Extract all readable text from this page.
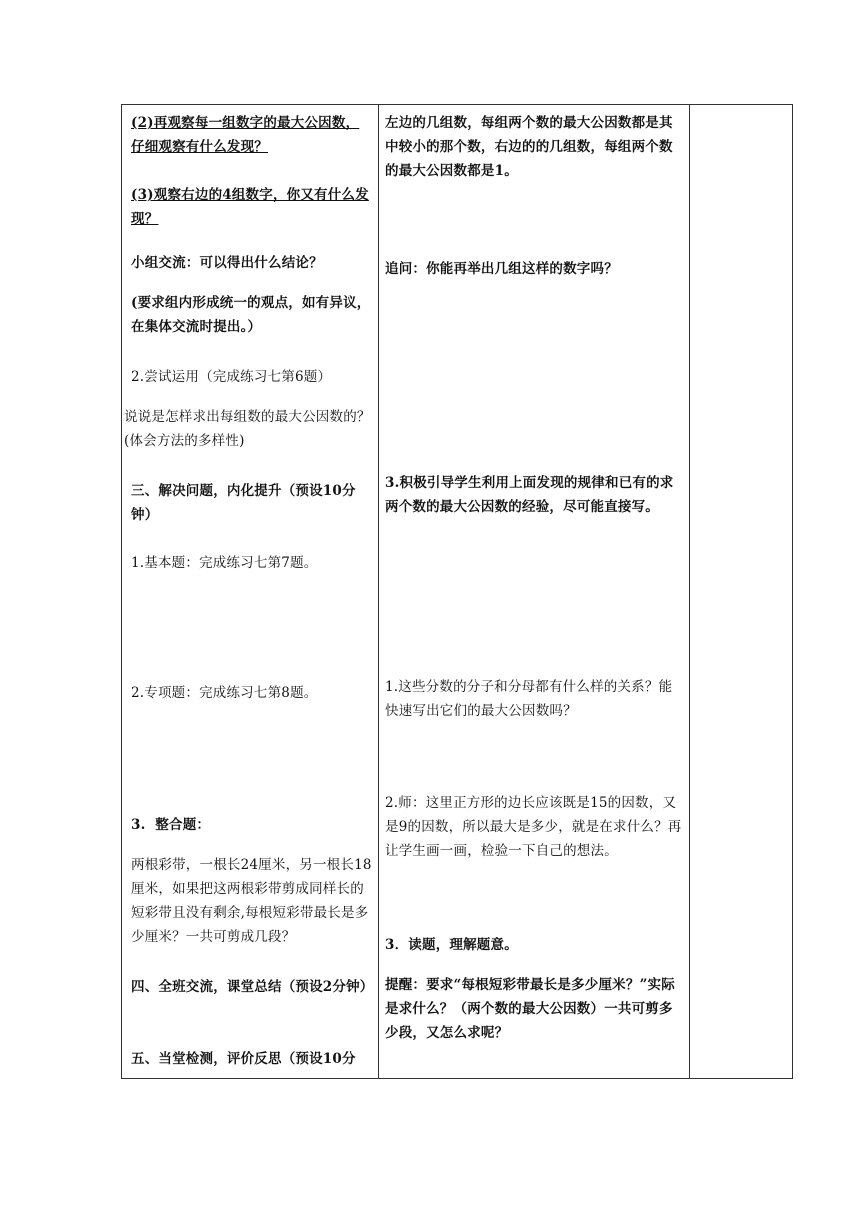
(2)再观察每一组数字的最大公因数，仔细观察有什么发现？

(3)观察右边的4组数字，你又有什么发现？

小组交流：可以得出什么结论？

(要求组内形成统一的观点，如有异议，在集体交流时提出。）

2.尝试运用（完成练习七第6题）

说说是怎样求出每组数的最大公因数的？(体会方法的多样性)

三、解决问题，内化提升（预设10分钟）

1.基本题：完成练习七第7题。

2.专项题：完成练习七第8题。

3.  整合题：

两根彩带，一根长24厘米，另一根长18厘米，如果把这两根彩带剪成同样长的短彩带且没有剩余,每根短彩带最长是多少厘米？一共可剪成几段？

四、全班交流，课堂总结（预设2分钟）

五、当堂检测，评价反思（预设10分

左边的几组数，每组两个数的最大公因数都是其中较小的那个数，右边的的几组数，每组两个数的最大公因数都是1。

追问：你能再举出几组这样的数字吗？

3.积极引导学生利用上面发现的规律和已有的求两个数的最大公因数的经验，尽可能直接写。

1.这些分数的分子和分母都有什么样的关系？能快速写出它们的最大公因数吗？

2.师：这里正方形的边长应该既是15的因数，又是9的因数，所以最大是多少，就是在求什么？再让学生画一画，检验一下自己的想法。

3．读题，理解题意。

提醒：要求“每根短彩带最长是多少厘米？”实际是求什么？（两个数的最大公因数）一共可剪多少段，又怎么求呢？
